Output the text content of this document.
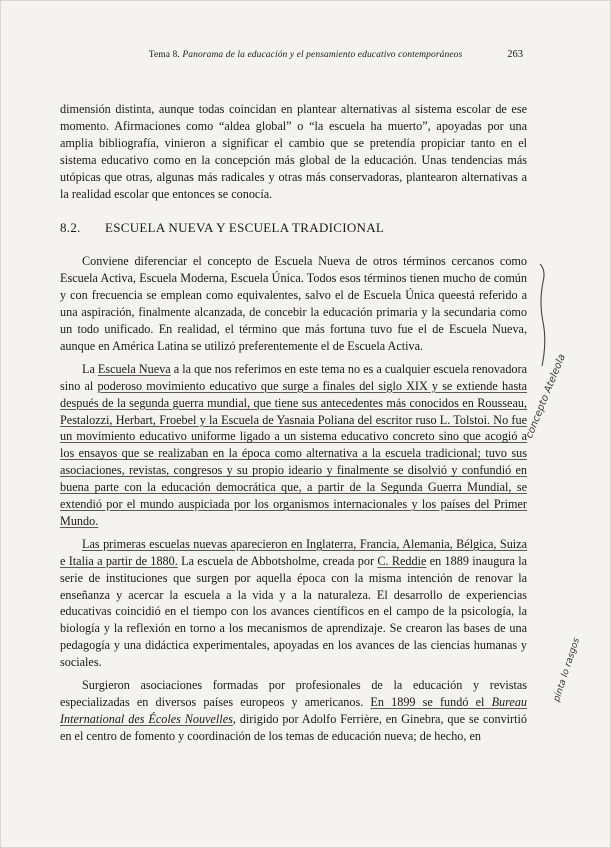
Tema 8. Panorama de la educación y el pensamiento educativo contemporáneos	263

dimensión distinta, aunque todas coincidan en plantear alternativas al sistema escolar de ese momento. Afirmaciones como “aldea global” o “la escuela ha muerto”, apoyadas por una amplia bibliografía, vinieron a significar el cambio que se pretendía propiciar tanto en el sistema educativo como en la concepción más global de la educación. Unas tendencias más utópicas que otras, algunas más radicales y otras más conservadoras, plantearon alternativas a la realidad escolar que entonces se conocía.

8.2. ESCUELA NUEVA Y ESCUELA TRADICIONAL

Conviene diferenciar el concepto de Escuela Nueva de otros términos cercanos como Escuela Activa, Escuela Moderna, Escuela Única. Todos esos términos tienen mucho de común y con frecuencia se emplean como equivalentes, salvo el de Escuela Única queestá referido a una aspiración, finalmente alcanzada, de concebir la educación primaria y la secundaria como un todo unificado. En realidad, el término que más fortuna tuvo fue el de Escuela Nueva, aunque en América Latina se utilizó preferentemente el de Escuela Activa.

La Escuela Nueva a la que nos referimos en este tema no es a cualquier escuela renovadora sino al poderoso movimiento educativo que surge a finales del siglo XIX y se extiende hasta después de la segunda guerra mundial, que tiene sus antecedentes más conocidos en Rousseau, Pestalozzi, Herbart, Froebel y la Escuela de Yasnaia Poliana del escritor ruso L. Tolstoi. No fue un movimiento educativo uniforme ligado a un sistema educativo concreto sino que acogió a los ensayos que se realizaban en la época como alternativa a la escuela tradicional; tuvo sus asociaciones, revistas, congresos y su propio ideario y finalmente se disolvió y confundió en buena parte con la educación democrática que, a partir de la Segunda Guerra Mundial, se extendió por el mundo auspiciada por los organismos internacionales y los países del Primer Mundo.

Las primeras escuelas nuevas aparecieron en Inglaterra, Francia, Alemania, Bélgica, Suiza e Italia a partir de 1880. La escuela de Abbotsholme, creada por C. Reddie en 1889 inaugura la serie de instituciones que surgen por aquella época con la misma intención de renovar la enseñanza y acercar la escuela a la vida y a la naturaleza. El desarrollo de experiencias educativas coincidió en el tiempo con los avances científicos en el campo de la psicología, la biología y la reflexión en torno a los mecanismos de aprendizaje. Se crearon las bases de una pedagogía y una didáctica experimentales, apoyadas en los avances de las ciencias humanas y sociales.

Surgieron asociaciones formadas por profesionales de la educación y revistas especializadas en diversos países europeos y americanos. En 1899 se fundó el Bureau International des Écoles Nouvelles, dirigido por Adolfo Ferrière, en Ginebra, que se convirtió en el centro de fomento y coordinación de los temas de educación nueva; de hecho, en

concepto Ateleola
pinta lo rasgos
